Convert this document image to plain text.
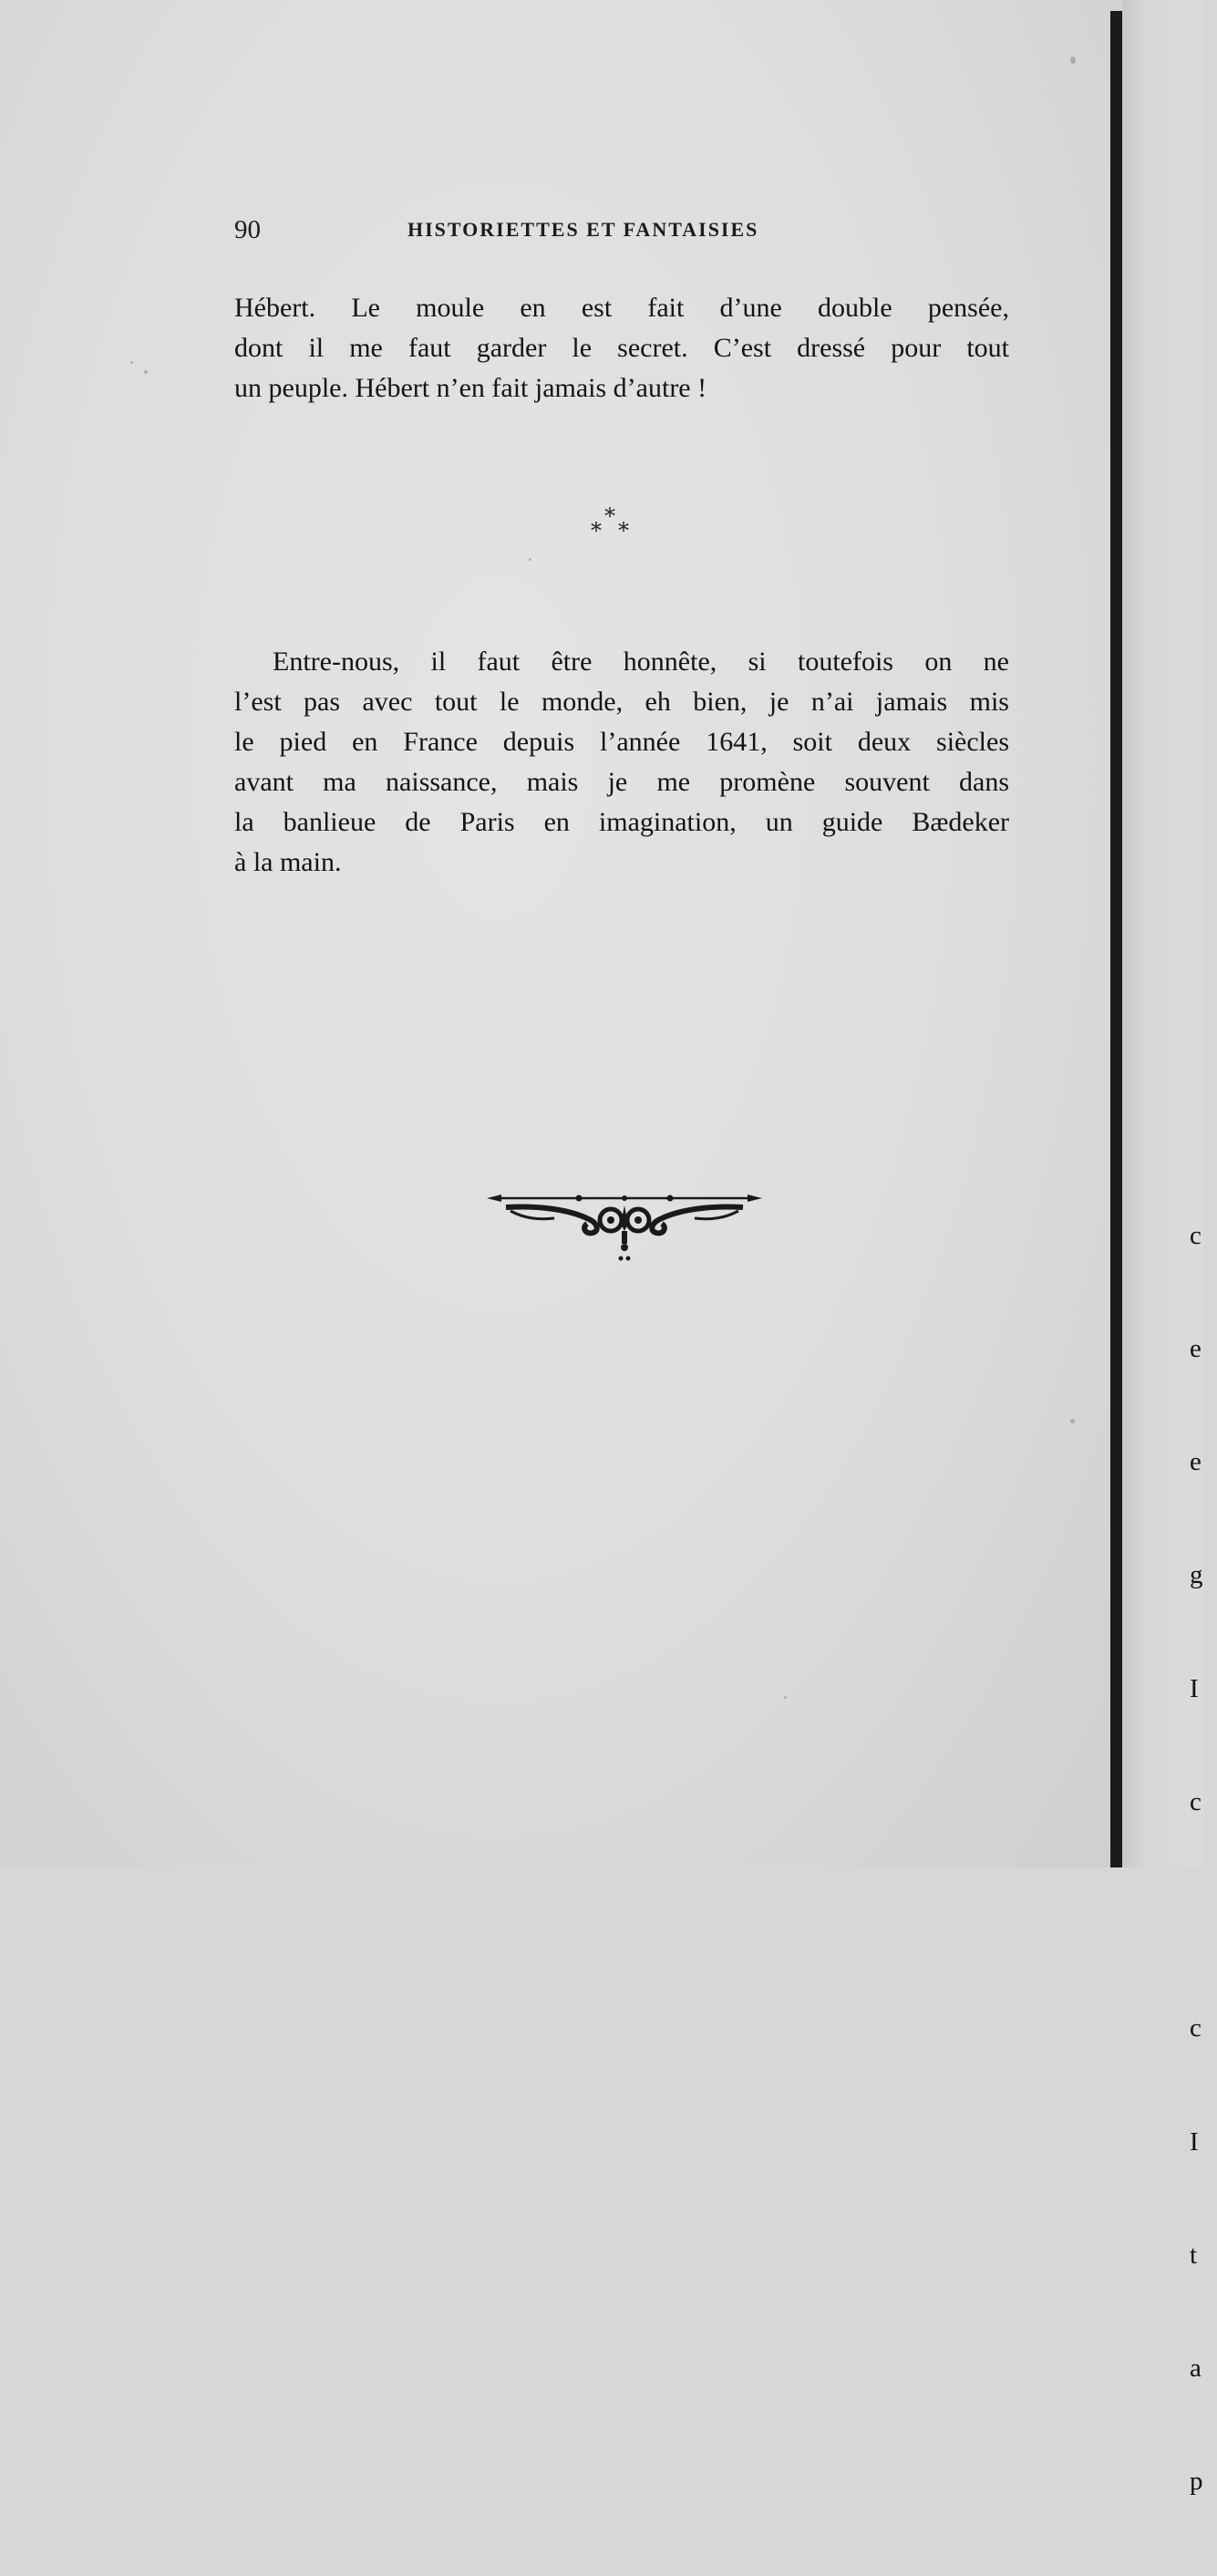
90	HISTORIETTES ET FANTAISIES
Hébert. Le moule en est fait d’une double pensée,
dont il me faut garder le secret. C’est dressé pour tout
un peuple. Hébert n’en fait jamais d’autre !
*
*
*
Entre-nous, il faut être honnête, si toutefois on ne
l’est pas avec tout le monde, eh bien, je n’ai jamais mis
le pied en France depuis l’année 1641, soit deux siècles
avant ma naissance, mais je me promène souvent dans
la banlieue de Paris en imagination, un guide Bædeker
à la main.

c

e

e

g

I

c

c

I

t

a

p
